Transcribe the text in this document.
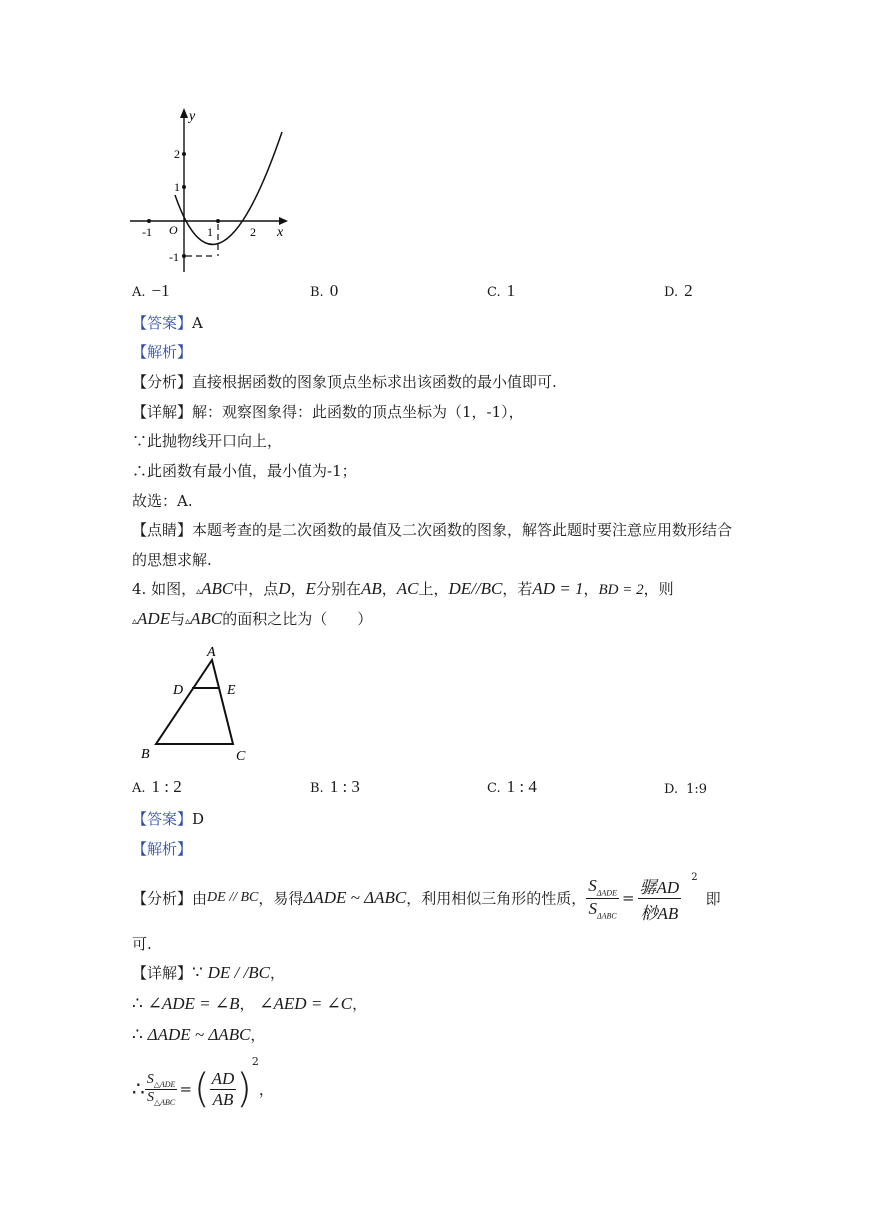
y
x
O
-1	1	2
2
1
-1
A. −1	B. 0	C. 1	D. 2
【答案】A
【解析】
【分析】直接根据函数的图象顶点坐标求出该函数的最小值即可.
【详解】解：观察图象得：此函数的顶点坐标为（1，-1），
∵此抛物线开口向上，
∴此函数有最小值，最小值为-1；
故选：A.
【点睛】本题考查的是二次函数的最值及二次函数的图象，解答此题时要注意应用数形结合
的思想求解.
4. 如图，▵ABC中，点D，E分别在AB，AC上，DE//BC，若AD = 1，BD = 2，则
▵ADE与▵ABC的面积之比为（　　）
A
D	E
B	C
A. 1 : 2	B. 1 : 3	C. 1 : 4	D. 1:9
【答案】D
【解析】
【分析】由DE // BC，易得ΔADE ~ ΔABC，利用相似三角形的性质， $\frac{S_{\Delta ADE}}{S_{\Delta ABC}} = \frac{\text{骣AD}}{\text{桫AB}} ^2$即
可.
【详解】∵ DE / /BC，
∴ ∠ADE = ∠B， ∠AED = ∠C，
∴ ΔADE ~ ΔABC，
∴ $\frac{S_{\triangle ADE}}{S_{\triangle ABC}}$ =( $\frac{AD}{AB} )^2$，
